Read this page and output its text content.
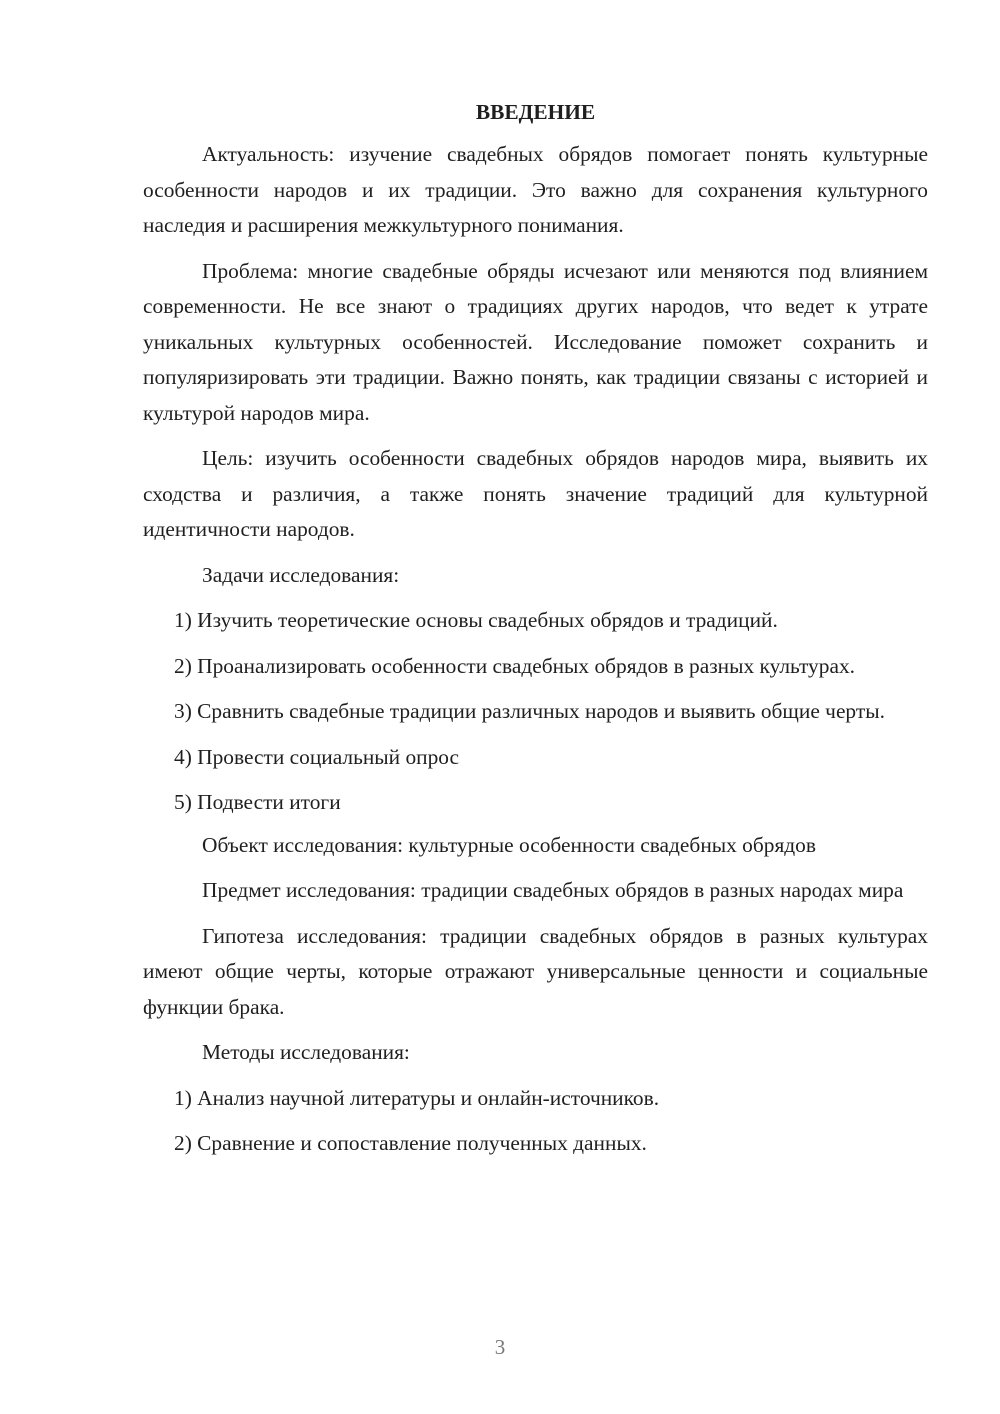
ВВЕДЕНИЕ

Актуальность: изучение свадебных обрядов помогает понять культурные особенности народов и их традиции. Это важно для сохранения культурного наследия и расширения межкультурного понимания.

Проблема: многие свадебные обряды исчезают или меняются под влиянием современности. Не все знают о традициях других народов, что ведет к утрате уникальных культурных особенностей. Исследование поможет сохранить и популяризировать эти традиции. Важно понять, как традиции связаны с историей и культурой народов мира.

Цель: изучить особенности свадебных обрядов народов мира, выявить их сходства и различия, а также понять значение традиций для культурной идентичности народов.

Задачи исследования:

1) Изучить теоретические основы свадебных обрядов и традиций.

2) Проанализировать особенности свадебных обрядов в разных культурах.

3) Сравнить свадебные традиции различных народов и выявить общие черты.

4) Провести социальный опрос

5) Подвести итоги

Объект исследования: культурные особенности свадебных обрядов

Предмет исследования: традиции свадебных обрядов в разных народах мира

Гипотеза исследования: традиции свадебных обрядов в разных культурах имеют общие черты, которые отражают универсальные ценности и социальные функции брака.

Методы исследования:

1) Анализ научной литературы и онлайн-источников.

2) Сравнение и сопоставление полученных данных.

3
